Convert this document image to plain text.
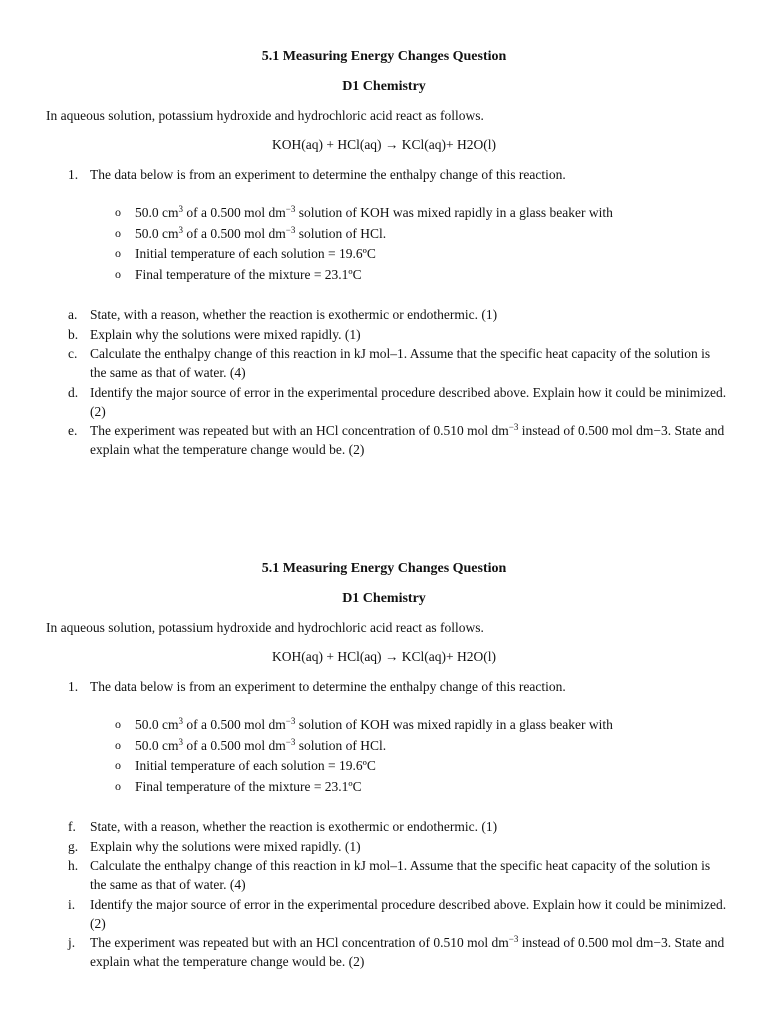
5.1 Measuring Energy Changes Question
D1 Chemistry
In aqueous solution, potassium hydroxide and hydrochloric acid react as follows.
KOH(aq) + HCl(aq) → KCl(aq)+ H2O(l)
1. The data below is from an experiment to determine the enthalpy change of this reaction.
o 50.0 $cm^3$ of a 0.500 mol $dm^{-3}$ solution of KOH was mixed rapidly in a glass beaker with
o 50.0 $cm^3$ of a 0.500 mol $dm^{-3}$ solution of HCl.
o Initial temperature of each solution = 19.6ºC
o Final temperature of the mixture = 23.1ºC
a. State, with a reason, whether the reaction is exothermic or endothermic. (1)
b. Explain why the solutions were mixed rapidly. (1)
c. Calculate the enthalpy change of this reaction in kJ mol–1. Assume that the specific heat capacity of the solution is the same as that of water. (4)
d. Identify the major source of error in the experimental procedure described above. Explain how it could be minimized. (2)
e. The experiment was repeated but with an HCl concentration of 0.510 mol $dm^{-3}$ instead of 0.500 mol dm−3. State and explain what the temperature change would be. (2)
5.1 Measuring Energy Changes Question
D1 Chemistry
In aqueous solution, potassium hydroxide and hydrochloric acid react as follows.
KOH(aq) + HCl(aq) → KCl(aq)+ H2O(l)
1. The data below is from an experiment to determine the enthalpy change of this reaction.
o 50.0 $cm^3$ of a 0.500 mol $dm^{-3}$ solution of KOH was mixed rapidly in a glass beaker with
o 50.0 $cm^3$ of a 0.500 mol $dm^{-3}$ solution of HCl.
o Initial temperature of each solution = 19.6ºC
o Final temperature of the mixture = 23.1ºC
f. State, with a reason, whether the reaction is exothermic or endothermic. (1)
g. Explain why the solutions were mixed rapidly. (1)
h. Calculate the enthalpy change of this reaction in kJ mol–1. Assume that the specific heat capacity of the solution is the same as that of water. (4)
i. Identify the major source of error in the experimental procedure described above. Explain how it could be minimized. (2)
j. The experiment was repeated but with an HCl concentration of 0.510 mol $dm^{-3}$ instead of 0.500 mol dm−3. State and explain what the temperature change would be. (2)
